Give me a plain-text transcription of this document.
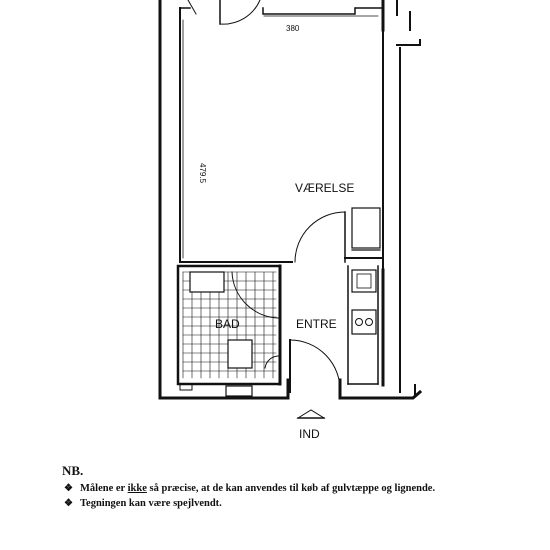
380
479.5
VÆRELSE
BAD	ENTRE
IND
NB.
❖ Målene er ikke så præcise, at de kan anvendes til køb af gulvtæppe og lignende.
❖ Tegningen kan være spejlvendt.
